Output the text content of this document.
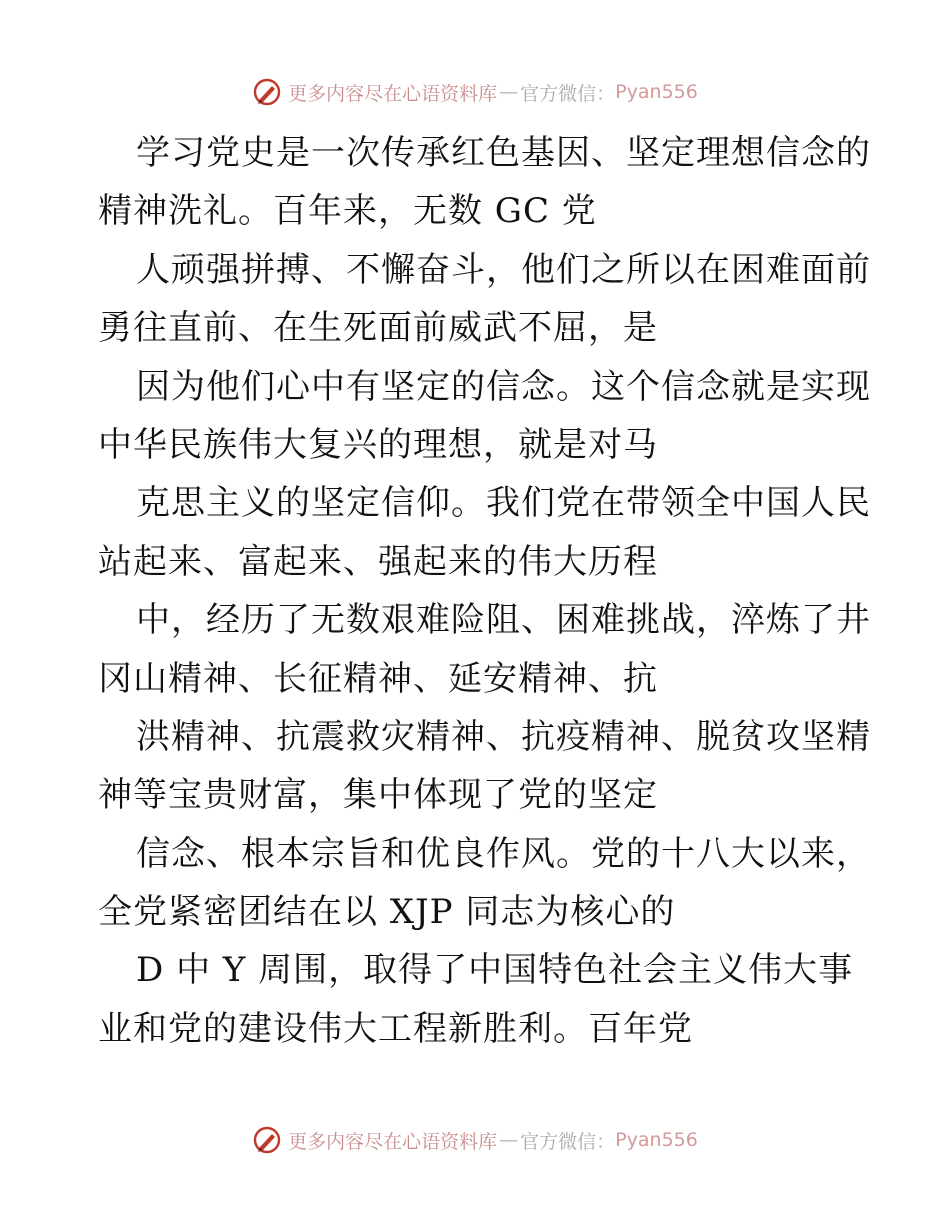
更多内容尽在心语资料库 — 官方微信： Pyan556
学习党史是一次传承红色基因、坚定理想信念的
精神洗礼。百年来，无数 GC 党
人顽强拼搏、不懈奋斗，他们之所以在困难面前
勇往直前、在生死面前威武不屈，是
因为他们心中有坚定的信念。这个信念就是实现
中华民族伟大复兴的理想，就是对马
克思主义的坚定信仰。我们党在带领全中国人民
站起来、富起来、强起来的伟大历程
中，经历了无数艰难险阻、困难挑战，淬炼了井
冈山精神、长征精神、延安精神、抗
洪精神、抗震救灾精神、抗疫精神、脱贫攻坚精
神等宝贵财富，集中体现了党的坚定
信念、根本宗旨和优良作风。党的十八大以来，
全党紧密团结在以 XJP 同志为核心的
D 中 Y 周围，取得了中国特色社会主义伟大事
业和党的建设伟大工程新胜利。百年党
更多内容尽在心语资料库 — 官方微信： Pyan556
